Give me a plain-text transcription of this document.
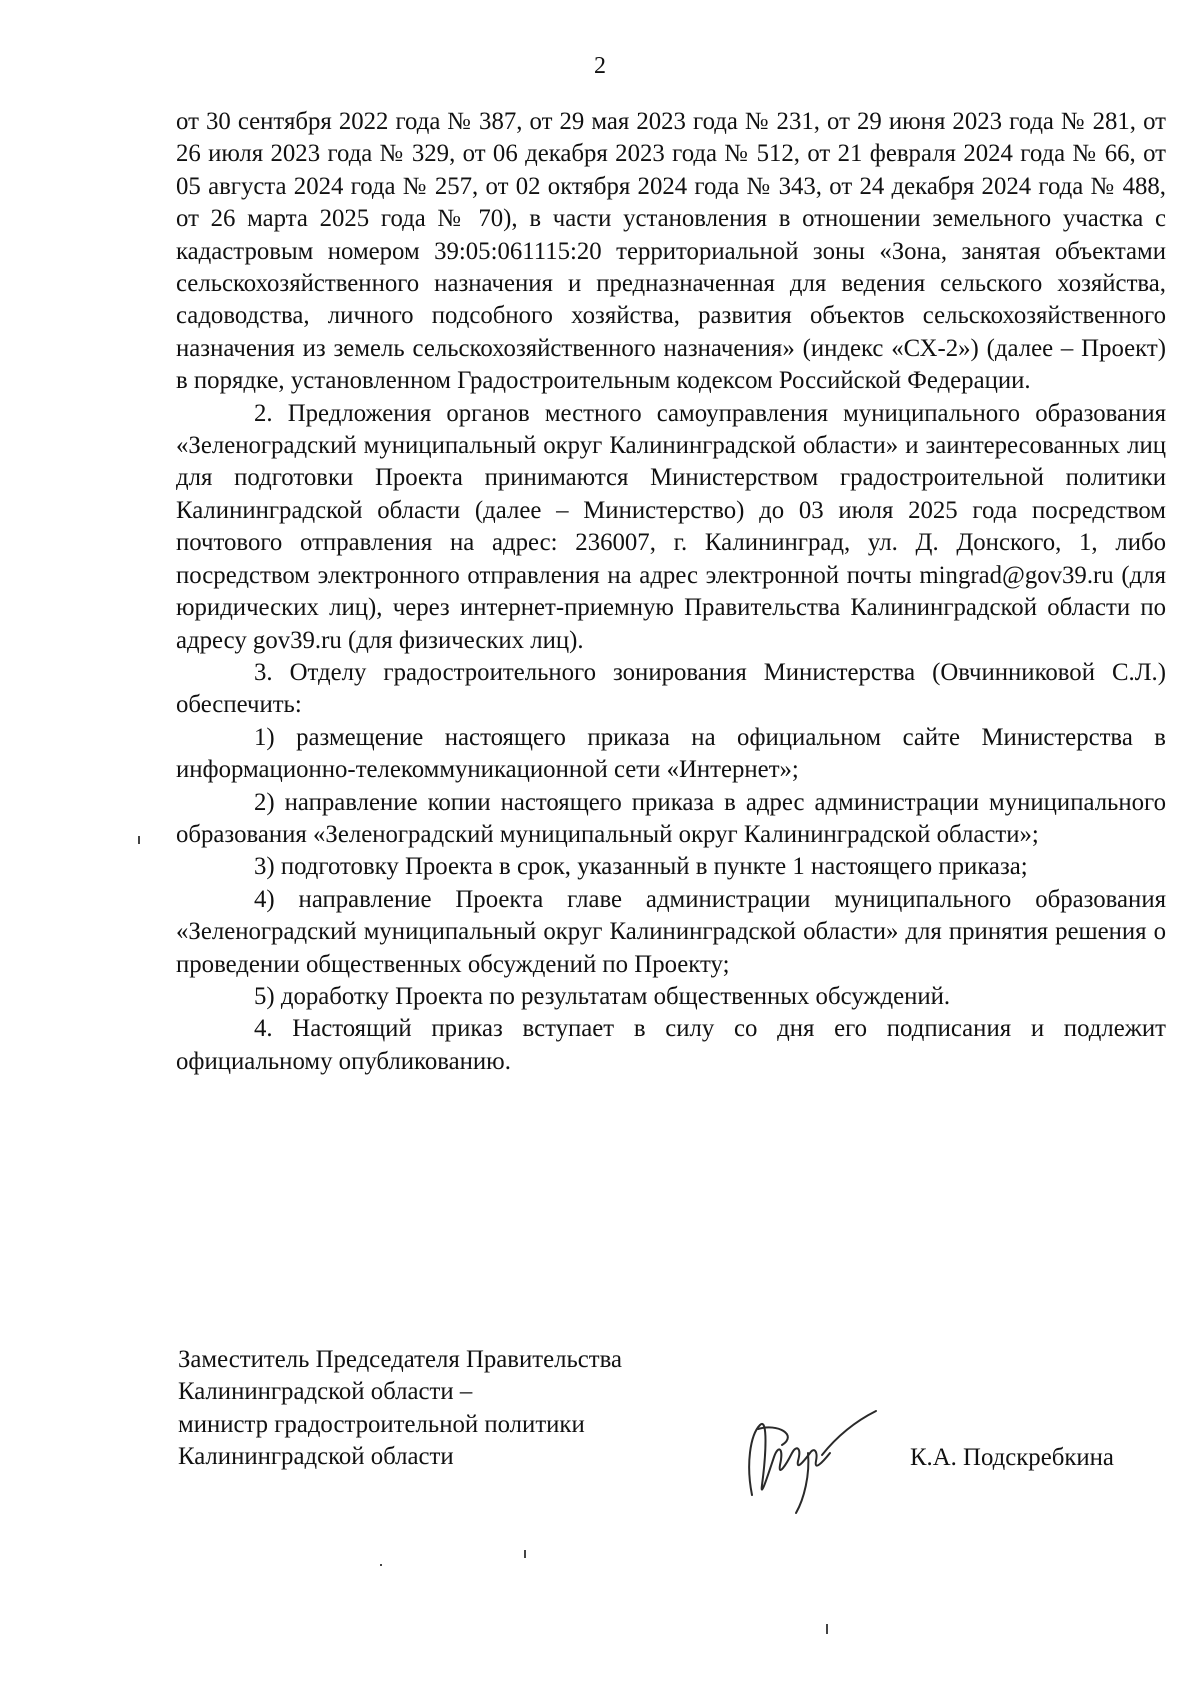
2

от 30 сентября 2022 года № 387, от 29 мая 2023 года № 231, от 29 июня 2023 года № 281, от 26 июля 2023 года № 329, от 06 декабря 2023 года № 512, от 21 февраля 2024 года № 66, от 05 августа 2024 года № 257, от 02 октября 2024 года № 343, от 24 декабря 2024 года № 488, от 26 марта 2025 года № 70), в части установления в отношении земельного участка с кадастровым номером 39:05:061115:20 территориальной зоны «Зона, занятая объектами сельскохозяйственного назначения и предназначенная для ведения сельского хозяйства, садоводства, личного подсобного хозяйства, развития объектов сельскохозяйственного назначения из земель сельскохозяйственного назначения» (индекс «СХ-2») (далее – Проект) в порядке, установленном Градостроительным кодексом Российской Федерации.

2. Предложения органов местного самоуправления муниципального образования «Зеленоградский муниципальный округ Калининградской области» и заинтересованных лиц для подготовки Проекта принимаются Министерством градостроительной политики Калининградской области (далее – Министерство) до 03 июля 2025 года посредством почтового отправления на адрес: 236007, г. Калининград, ул. Д. Донского, 1, либо посредством электронного отправления на адрес электронной почты mingrad@gov39.ru (для юридических лиц), через интернет-приемную Правительства Калининградской области по адресу gov39.ru (для физических лиц).

3. Отделу градостроительного зонирования Министерства (Овчинниковой С.Л.) обеспечить:

1) размещение настоящего приказа на официальном сайте Министерства в информационно-телекоммуникационной сети «Интернет»;

2) направление копии настоящего приказа в адрес администрации муниципального образования «Зеленоградский муниципальный округ Калининградской области»;

3) подготовку Проекта в срок, указанный в пункте 1 настоящего приказа;

4) направление Проекта главе администрации муниципального образования «Зеленоградский муниципальный округ Калининградской области» для принятия решения о проведении общественных обсуждений по Проекту;

5) доработку Проекта по результатам общественных обсуждений.

4. Настоящий приказ вступает в силу со дня его подписания и подлежит официальному опубликованию.

Заместитель Председателя Правительства
Калининградской области –
министр градостроительной политики
Калининградской области	К.А. Подскребкина
